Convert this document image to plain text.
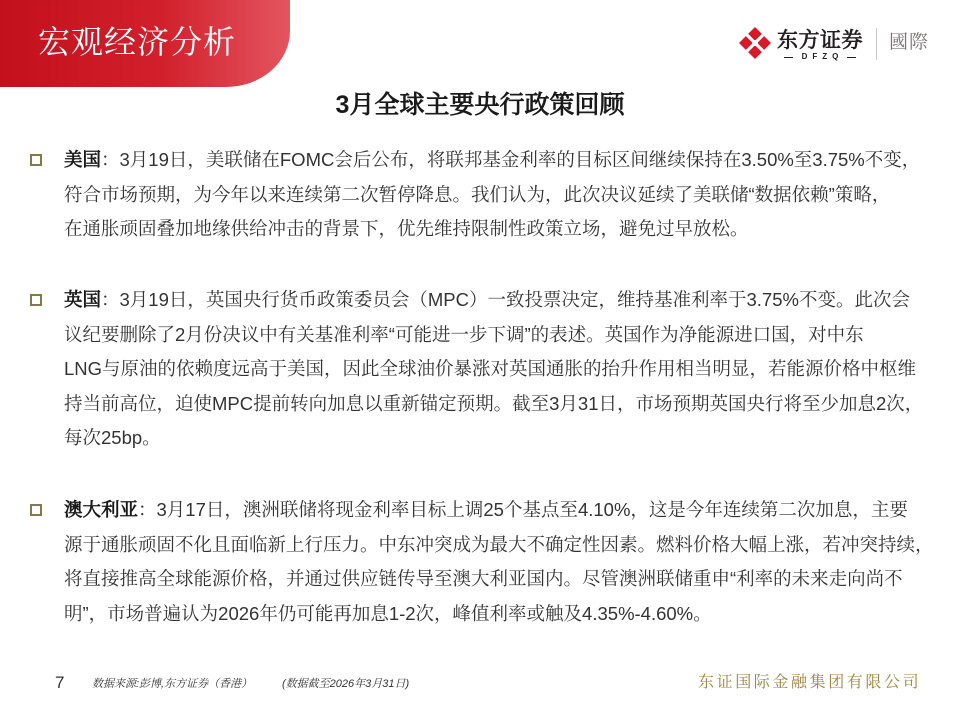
宏观经济分析	东方证券
DFZQ
國際
3月全球主要央行政策回顾
美国：3月19日，美联储在FOMC会后公布，将联邦基金利率的目标区间继续保持在3.50%至3.75%不变，
符合市场预期，为今年以来连续第二次暂停降息。我们认为，此次决议延续了美联储“数据依赖”策略，
在通胀顽固叠加地缘供给冲击的背景下，优先维持限制性政策立场，避免过早放松。
英国：3月19日，英国央行货币政策委员会（MPC）一致投票决定，维持基准利率于3.75%不变。此次会
议纪要删除了2月份决议中有关基准利率“可能进一步下调”的表述。英国作为净能源进口国，对中东
LNG与原油的依赖度远高于美国，因此全球油价暴涨对英国通胀的抬升作用相当明显，若能源价格中枢维
持当前高位，迫使MPC提前转向加息以重新锚定预期。截至3月31日，市场预期英国央行将至少加息2次，
每次25bp。
澳大利亚：3月17日，澳洲联储将现金利率目标上调25个基点至4.10%，这是今年连续第二次加息，主要
源于通胀顽固不化且面临新上行压力。中东冲突成为最大不确定性因素。燃料价格大幅上涨，若冲突持续，
将直接推高全球能源价格，并通过供应链传导至澳大利亚国内。尽管澳洲联储重申“利率的未来走向尚不
明”，市场普遍认为2026年仍可能再加息1-2次，峰值利率或触及4.35%-4.60%。
7	数据来源:彭博,东方证券（香港）	(数据截至2026年3月31日)	东证国际金融集团有限公司
